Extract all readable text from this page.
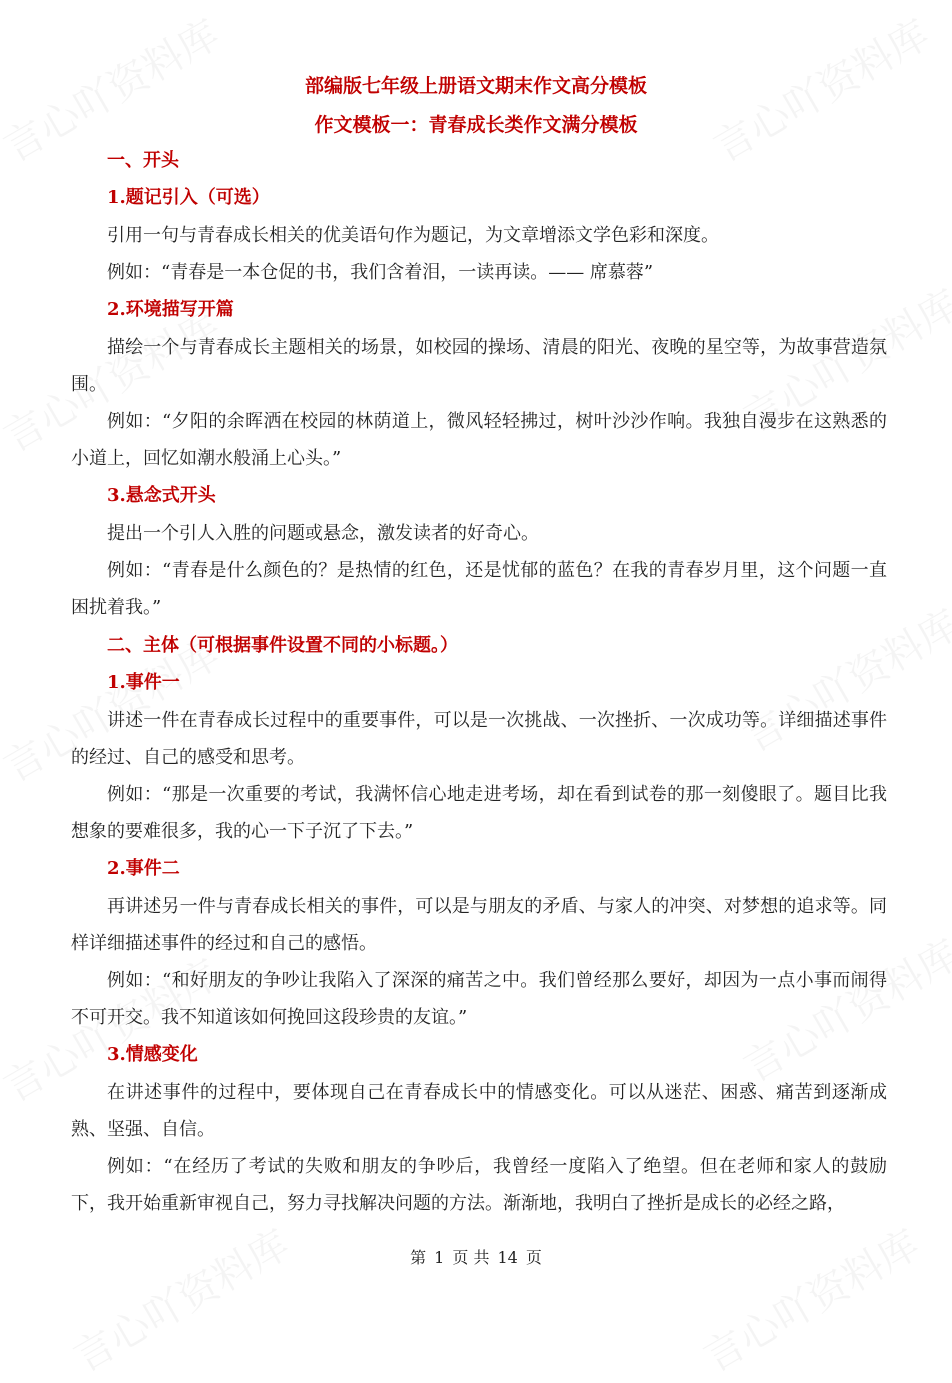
部编版七年级上册语文期末作文高分模板
作文模板一：青春成长类作文满分模板
一、开头
1.题记引入（可选）

引用一句与青春成长相关的优美语句作为题记，为文章增添文学色彩和深度。

例如：“青春是一本仓促的书，我们含着泪，一读再读。—— 席慕蓉”

2.环境描写开篇

描绘一个与青春成长主题相关的场景，如校园的操场、清晨的阳光、夜晚的星空等，为故事营造氛围。

例如：“夕阳的余晖洒在校园的林荫道上，微风轻轻拂过，树叶沙沙作响。我独自漫步在这熟悉的小道上，回忆如潮水般涌上心头。”

3.悬念式开头

提出一个引人入胜的问题或悬念，激发读者的好奇心。

例如：“青春是什么颜色的？是热情的红色，还是忧郁的蓝色？在我的青春岁月里，这个问题一直困扰着我。”

二、主体（可根据事件设置不同的小标题。）
1.事件一

讲述一件在青春成长过程中的重要事件，可以是一次挑战、一次挫折、一次成功等。详细描述事件的经过、自己的感受和思考。

例如：“那是一次重要的考试，我满怀信心地走进考场，却在看到试卷的那一刻傻眼了。题目比我想象的要难很多，我的心一下子沉了下去。”

2.事件二

再讲述另一件与青春成长相关的事件，可以是与朋友的矛盾、与家人的冲突、对梦想的追求等。同样详细描述事件的经过和自己的感悟。

例如：“和好朋友的争吵让我陷入了深深的痛苦之中。我们曾经那么要好，却因为一点小事而闹得不可开交。我不知道该如何挽回这段珍贵的友谊。”

3.情感变化

在讲述事件的过程中，要体现自己在青春成长中的情感变化。可以从迷茫、困惑、痛苦到逐渐成熟、坚强、自信。

例如：“在经历了考试的失败和朋友的争吵后，我曾经一度陷入了绝望。但在老师和家人的鼓励下，我开始重新审视自己，努力寻找解决问题的方法。渐渐地，我明白了挫折是成长的必经之路，

第 1 页 共 14 页
